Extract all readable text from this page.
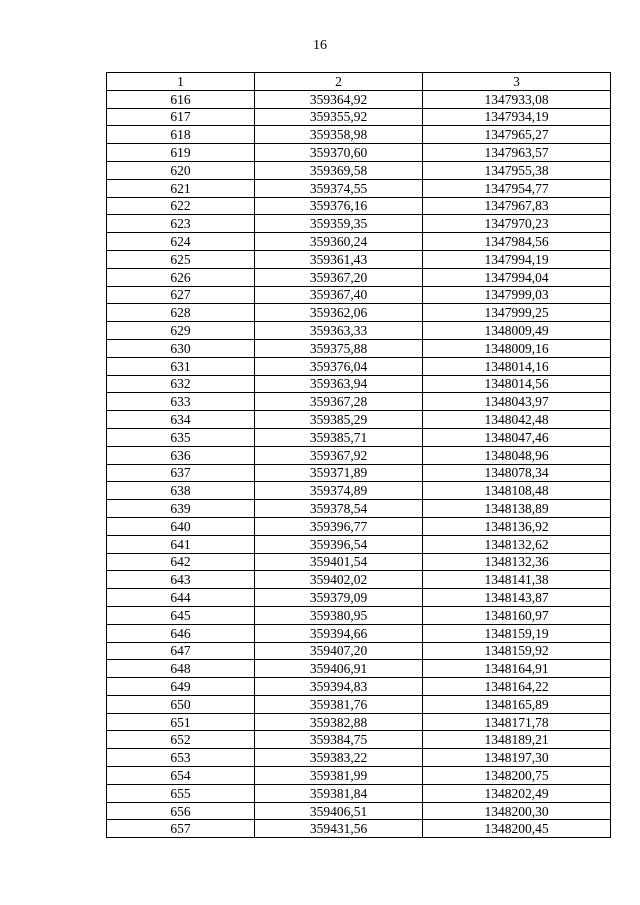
16
1	2	3
616	359364,92	1347933,08
617	359355,92	1347934,19
618	359358,98	1347965,27
619	359370,60	1347963,57
620	359369,58	1347955,38
621	359374,55	1347954,77
622	359376,16	1347967,83
623	359359,35	1347970,23
624	359360,24	1347984,56
625	359361,43	1347994,19
626	359367,20	1347994,04
627	359367,40	1347999,03
628	359362,06	1347999,25
629	359363,33	1348009,49
630	359375,88	1348009,16
631	359376,04	1348014,16
632	359363,94	1348014,56
633	359367,28	1348043,97
634	359385,29	1348042,48
635	359385,71	1348047,46
636	359367,92	1348048,96
637	359371,89	1348078,34
638	359374,89	1348108,48
639	359378,54	1348138,89
640	359396,77	1348136,92
641	359396,54	1348132,62
642	359401,54	1348132,36
643	359402,02	1348141,38
644	359379,09	1348143,87
645	359380,95	1348160,97
646	359394,66	1348159,19
647	359407,20	1348159,92
648	359406,91	1348164,91
649	359394,83	1348164,22
650	359381,76	1348165,89
651	359382,88	1348171,78
652	359384,75	1348189,21
653	359383,22	1348197,30
654	359381,99	1348200,75
655	359381,84	1348202,49
656	359406,51	1348200,30
657	359431,56	1348200,45
